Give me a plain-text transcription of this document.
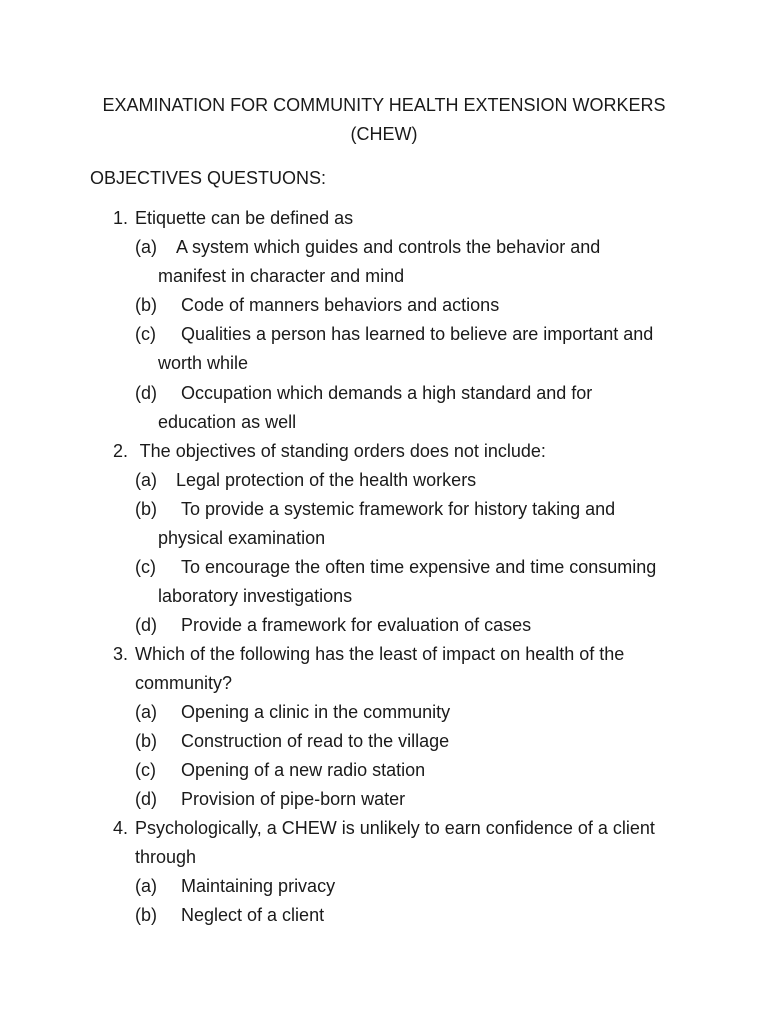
EXAMINATION FOR COMMUNITY HEALTH EXTENSION WORKERS
(CHEW)
OBJECTIVES QUESTUONS:
1. Etiquette can be defined as
(a) A system which guides and controls the behavior and
manifest in character and mind
(b) Code of manners behaviors and actions
(c) Qualities a person has learned to believe are important and
worth while
(d) Occupation which demands a high standard and for
education as well
2. The objectives of standing orders does not include:
(a) Legal protection of the health workers
(b) To provide a systemic framework for history taking and
physical examination
(c) To encourage the often time expensive and time consuming
laboratory investigations
(d) Provide a framework for evaluation of cases
3. Which of the following has the least of impact on health of the
community?
(a) Opening a clinic in the community
(b) Construction of read to the village
(c) Opening of a new radio station
(d) Provision of pipe-born water
4. Psychologically, a CHEW is unlikely to earn confidence of a client
through
(a) Maintaining privacy
(b) Neglect of a client
